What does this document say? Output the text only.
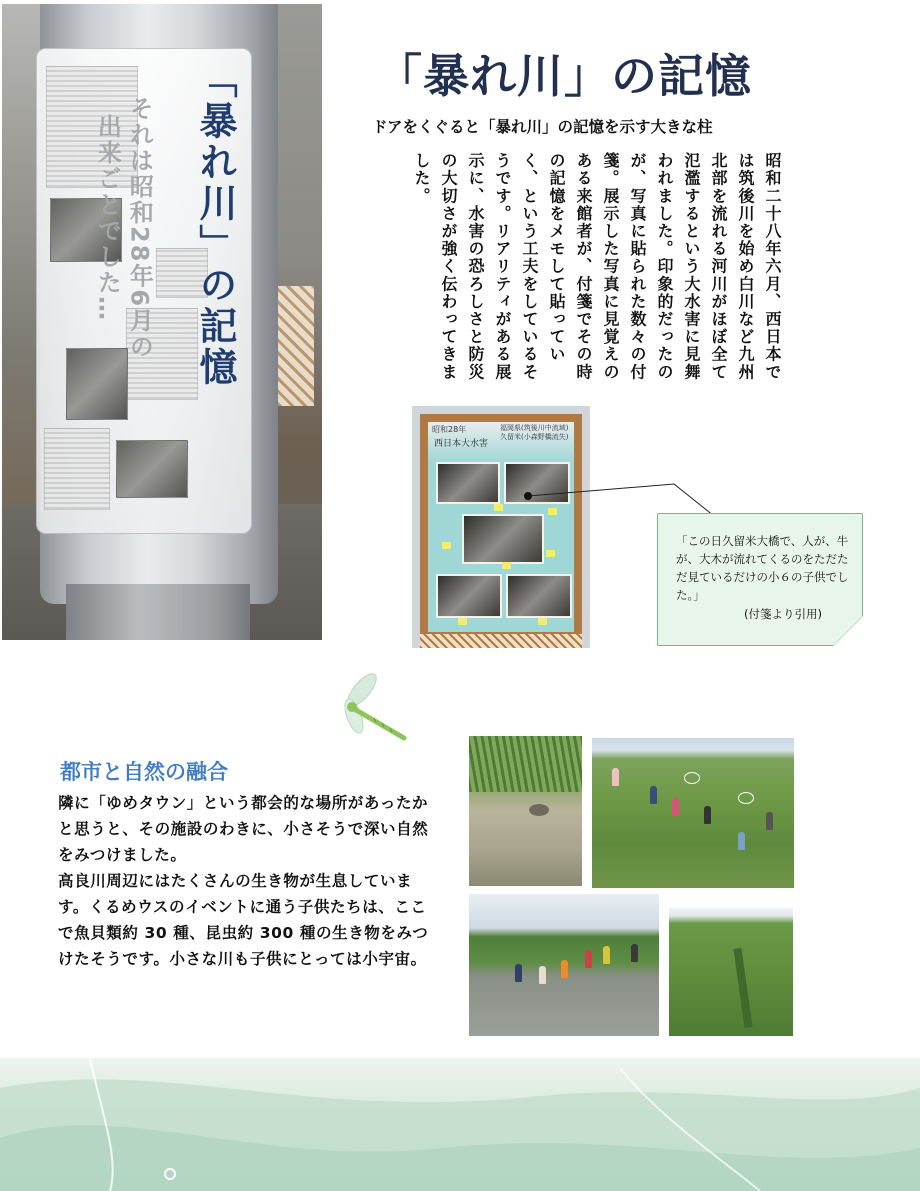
「暴れ川」の記憶
それは昭和28年6月の
出来ごとでした…
「暴れ川」の記憶
ドアをくぐると「暴れ川」の記憶を示す大きな柱
昭和二十八年六月、西日本では筑後川を始め白川など九州北部を流れる河川がほぼ全て氾濫するという大水害に見舞われました。印象的だったのが、写真に貼られた数々の付箋。展示した写真に見覚えのある来館者が、付箋でその時の記憶をメモして貼っていく、という工夫をしているそうです。リアリティがある展示に、水害の恐ろしさと防災の大切さが強く伝わってきました。
昭和28年
西日本大水害
福岡県(筑後川中流域)久留米(小森野橋流失)
「この日久留米大橋で、人が、牛が、大木が流れてくるのをただただ見ているだけの小６の子供でした。」
(付箋より引用)
都市と自然の融合
隣に「ゆめタウン」という都会的な場所があったかと思うと、その施設のわきに、小さそうで深い自然をみつけました。
高良川周辺にはたくさんの生き物が生息しています。くるめウスのイベントに通う子供たちは、ここで魚貝類約 30 種、昆虫約 300 種の生き物をみつけたそうです。小さな川も子供にとっては小宇宙。
